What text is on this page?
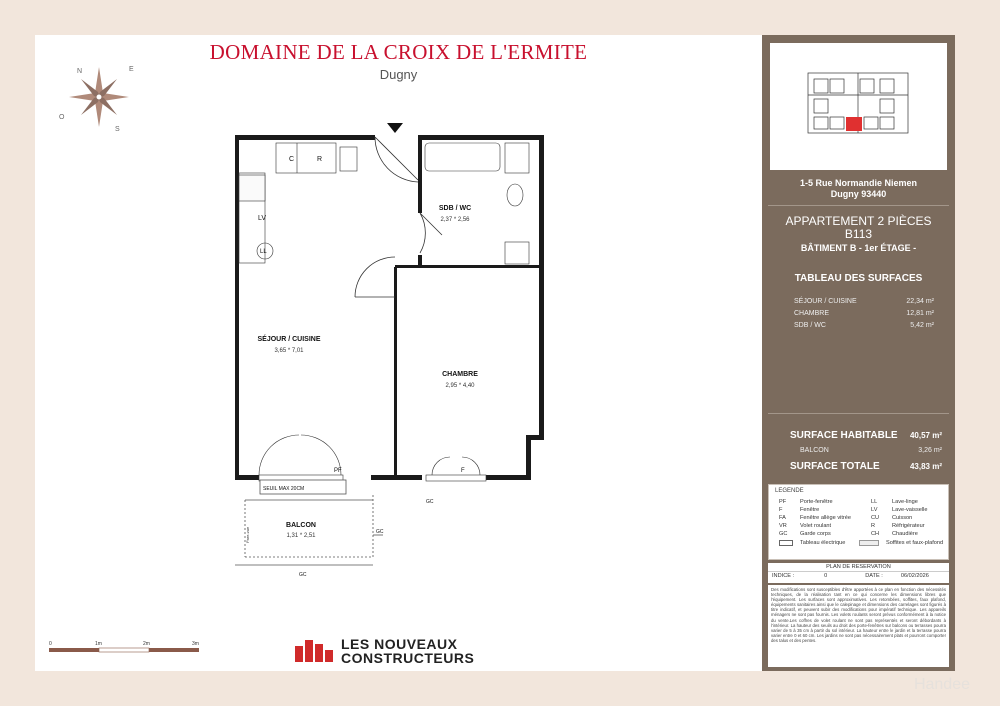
DOMAINE DE LA CROIX DE L'ERMITE
Dugny
N	E
O
S
C	R
LV
LL
PF	F
SEUIL MAX 20CM
GC
GC
GC
Pare-vue
SÉJOUR / CUISINE
3,65 * 7,01
CHAMBRE
2,95 * 4,40
SDB / WC
2,37 * 2,56
BALCON
1,31 * 2,51
0	1m	2m	3m	LES NOUVEAUX
CONSTRUCTEURS
1-5 Rue Normandie Niemen
Dugny 93440
APPARTEMENT 2 PIÈCES
B113
BÂTIMENT B - 1er ÉTAGE -
TABLEAU DES SURFACES
SÉJOUR / CUISINE	22,34 m²
CHAMBRE	12,81 m²
SDB / WC	5,42 m²
SURFACE HABITABLE 40,57 m²
BALCON	3,26 m²
SURFACE TOTALE	43,83 m²
LEGENDE
PF	Porte-fenêtre
F	Fenêtre
FA	Fenêtre allège vitrée
VR	Volet roulant
GC	Garde corps
Tableau électrique
LL	Lave-linge
LV	Lave-vaisselle
CU	Cuisson
R	Réfrigérateur
CH	Chaudière
Soffites et faux-plafond
PLAN DE RESERVATION
INDICE :	0	DATE :	06/02/2026
Des modifications sont susceptibles d'être apportées à ce plan en fonction des nécessités techniques, de la réalisation tant en ce qui concerne les dimensions libres que l'équipement. Les surfaces sont approximatives. Les retombées, soffites, faux plafond, équipements sanitaires ainsi que le calepinage et dimensions des carrelages sont figurés à titre indicatif, et peuvent subir des modifications pour impératif technique. Les appareils ménagers ne sont pas fournis. Les volets roulants seront prévus conformément à la notice du vente.Les coffres de volet roulant ne sont pas représentés et seront débordants à l'intérieur. La hauteur des seuils au droit des porte-fenêtres sur balcons ou terrasses pourra varier de 5 à 35 cm à partir du sol intérieur. La hauteur entre le jardin et la terrasse pourra varier entre 0 et 60 cm. Les jardins ne sont pas nécessairement plats et pourront comporter des talus et des pentes.
Handee
